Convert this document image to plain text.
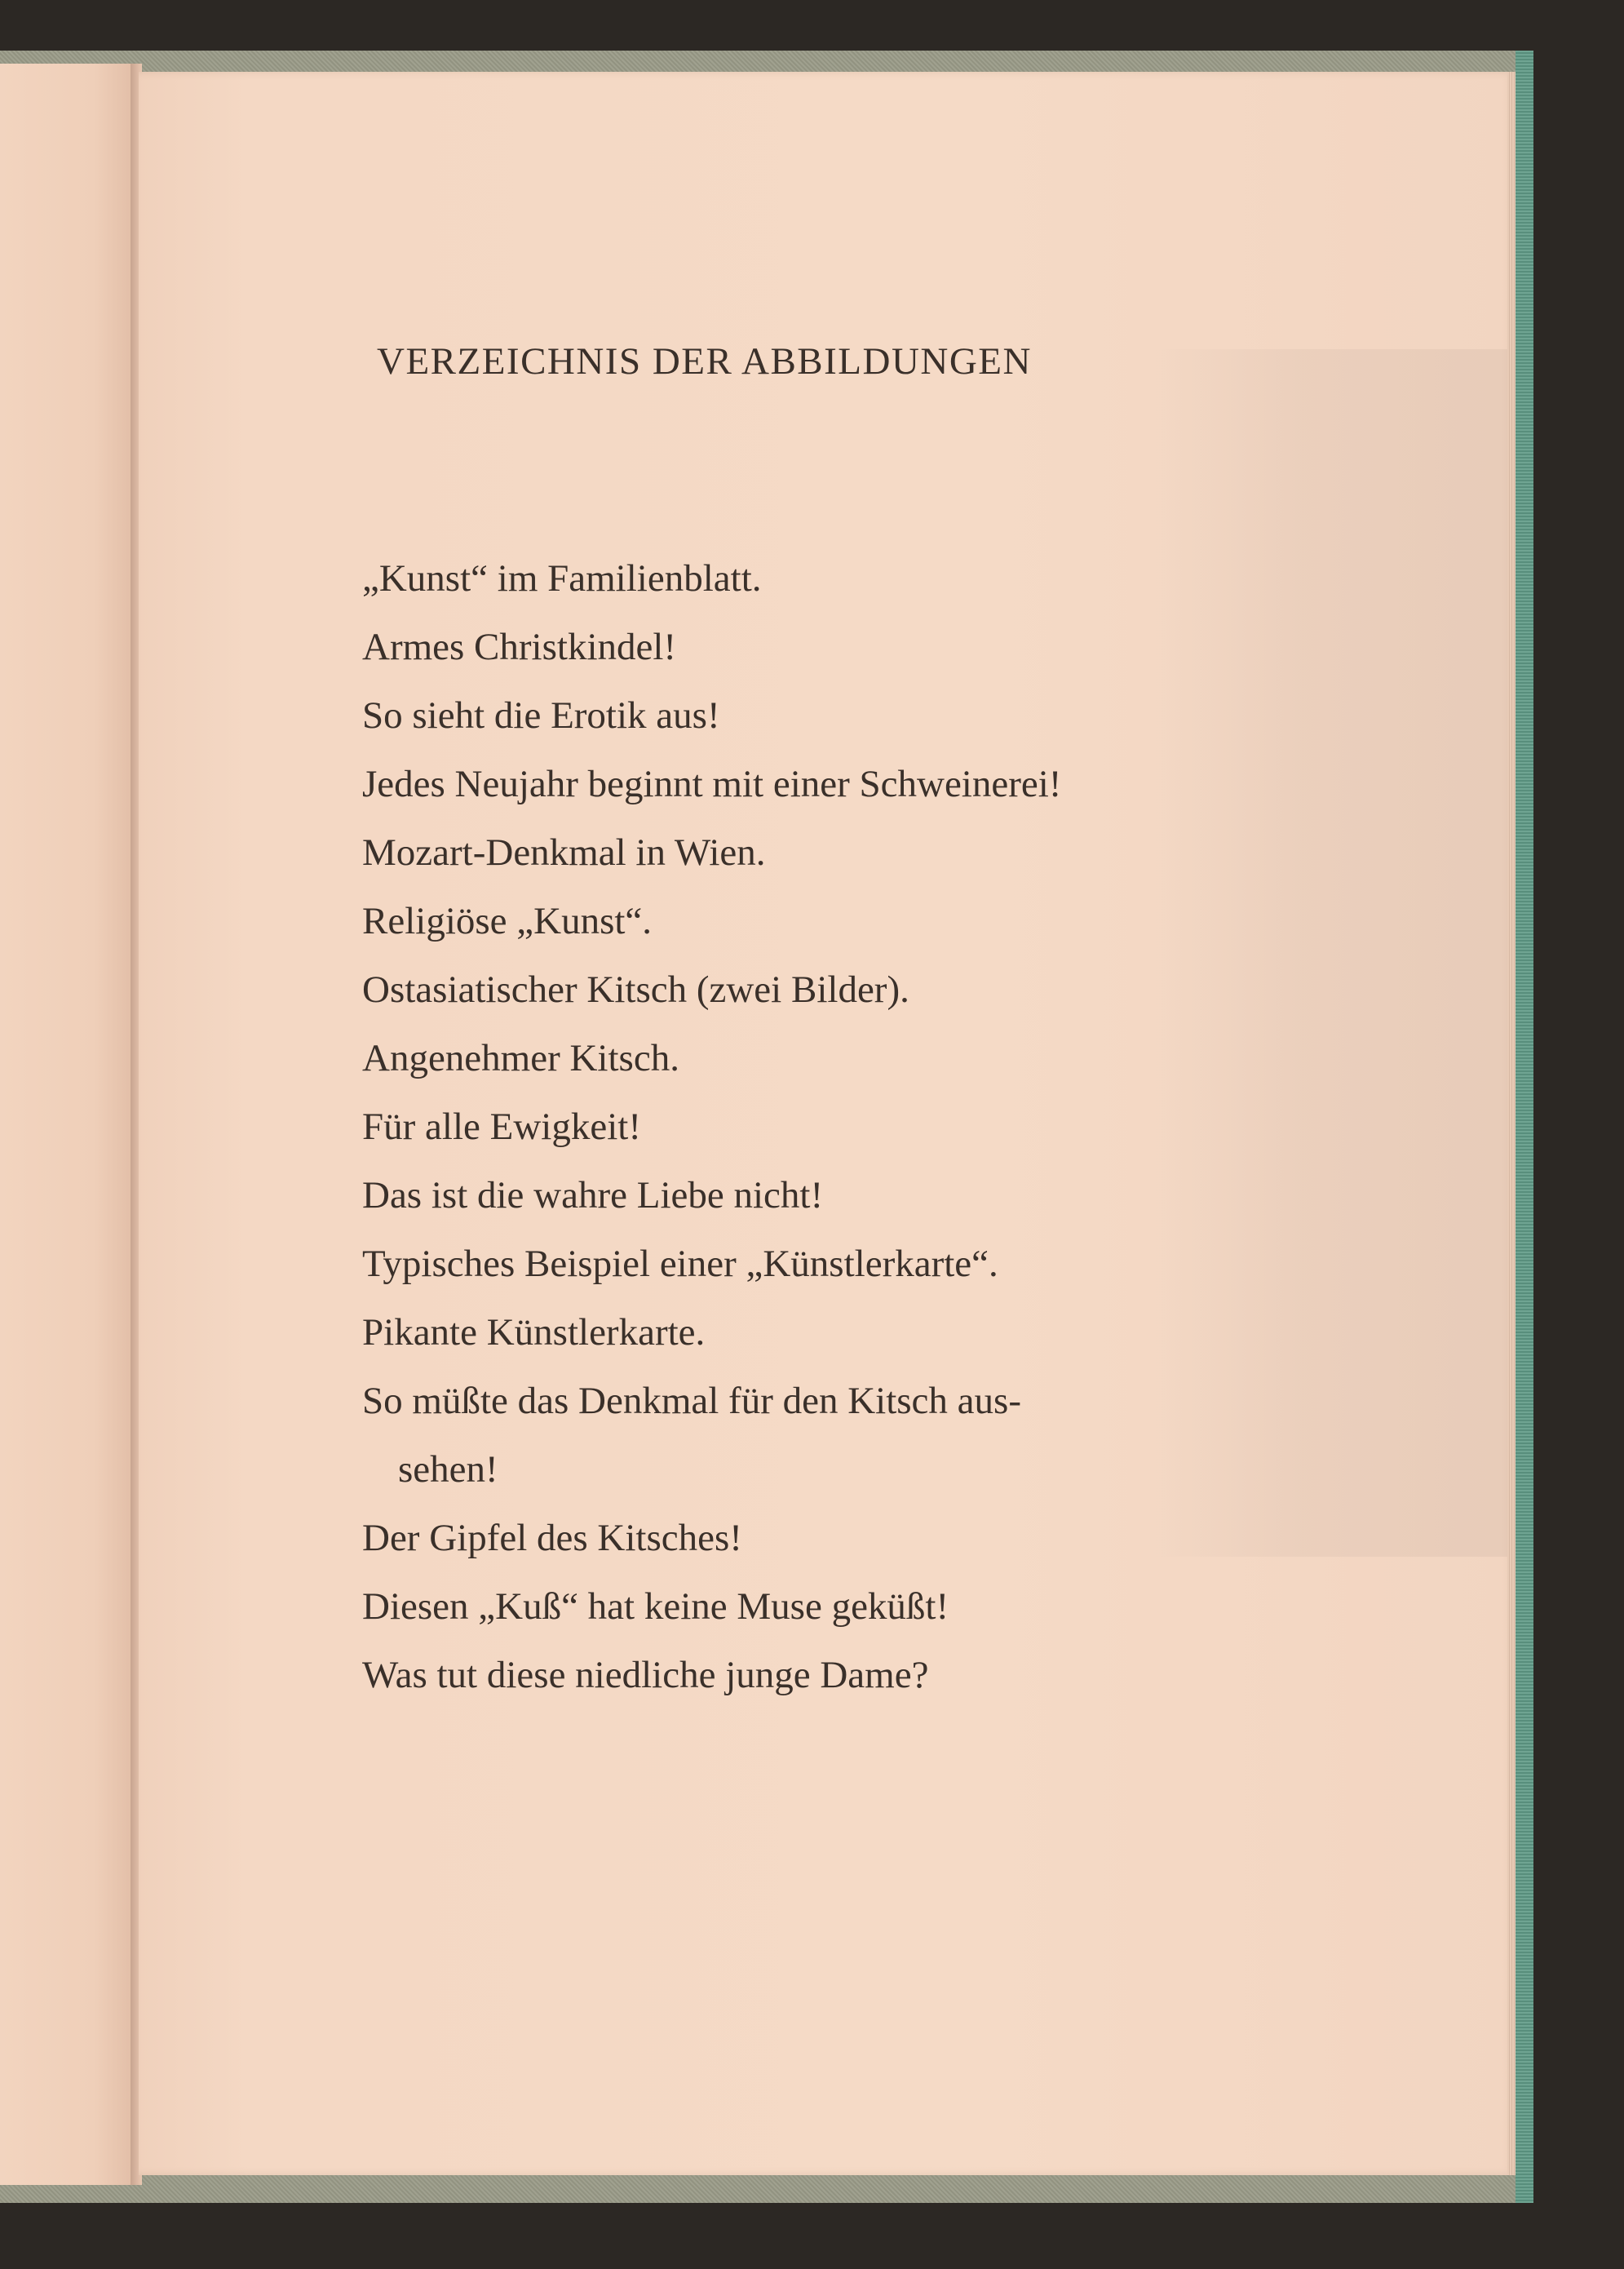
VERZEICHNIS DER ABBILDUNGEN
„Kunst“ im Familienblatt.
Armes Christkindel!
So sieht die Erotik aus!
Jedes Neujahr beginnt mit einer Schweinerei!
Mozart-Denkmal in Wien.
Religiöse „Kunst“.
Ostasiatischer Kitsch (zwei Bilder).
Angenehmer Kitsch.
Für alle Ewigkeit!
Das ist die wahre Liebe nicht!
Typisches Beispiel einer „Künstlerkarte“.
Pikante Künstlerkarte.
So müßte das Denkmal für den Kitsch aus-
sehen!
Der Gipfel des Kitsches!
Diesen „Kuß“ hat keine Muse geküßt!
Was tut diese niedliche junge Dame?
